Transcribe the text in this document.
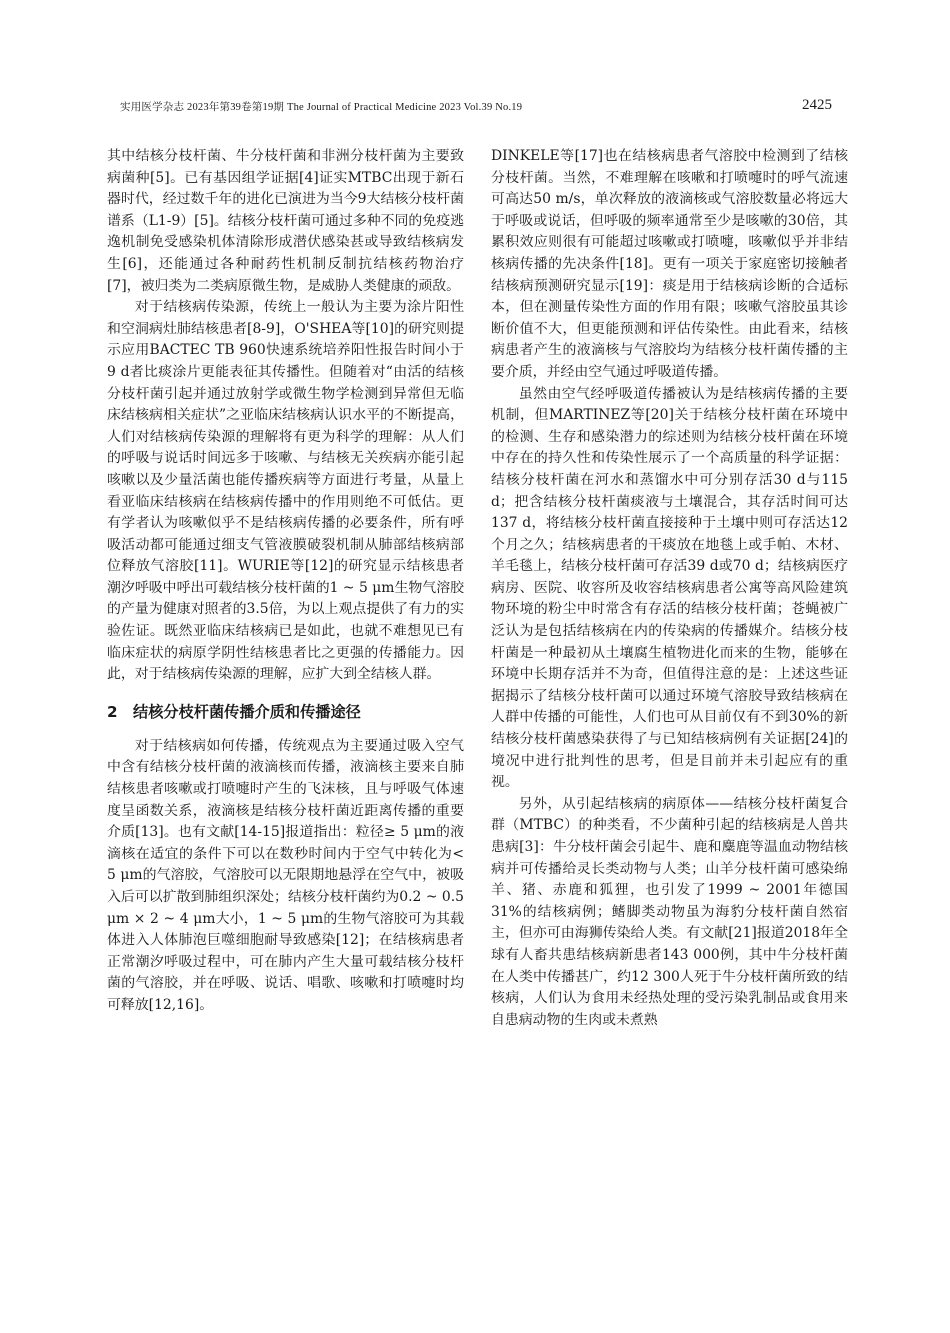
实用医学杂志 2023年第39卷第19期 The Journal of Practical Medicine 2023 Vol.39 No.19	2425

其中结核分枝杆菌、牛分枝杆菌和非洲分枝杆菌为主要致病菌种[5]。已有基因组学证据[4]证实MTBC出现于新石器时代，经过数千年的进化已演进为当今9大结核分枝杆菌谱系（L1-9）[5]。结核分枝杆菌可通过多种不同的免疫逃逸机制免受感染机体清除形成潜伏感染甚或导致结核病发生[6]，还能通过各种耐药性机制反制抗结核药物治疗[7]，被归类为二类病原微生物，是威胁人类健康的顽敌。

对于结核病传染源，传统上一般认为主要为涂片阳性和空洞病灶肺结核患者[8-9]，O'SHEA等[10]的研究则提示应用BACTEC TB 960快速系统培养阳性报告时间小于9 d者比痰涂片更能表征其传播性。但随着对“由活的结核分枝杆菌引起并通过放射学或微生物学检测到异常但无临床结核病相关症状”之亚临床结核病认识水平的不断提高，人们对结核病传染源的理解将有更为科学的理解：从人们的呼吸与说话时间远多于咳嗽、与结核无关疾病亦能引起咳嗽以及少量活菌也能传播疾病等方面进行考量，从量上看亚临床结核病在结核病传播中的作用则绝不可低估。更有学者认为咳嗽似乎不是结核病传播的必要条件，所有呼吸活动都可能通过细支气管液膜破裂机制从肺部结核病部位释放气溶胶[11]。WURIE等[12]的研究显示结核患者潮汐呼吸中呼出可载结核分枝杆菌的1 ~ 5 μm生物气溶胶的产量为健康对照者的3.5倍，为以上观点提供了有力的实验佐证。既然亚临床结核病已是如此，也就不难想见已有临床症状的病原学阴性结核患者比之更强的传播能力。因此，对于结核病传染源的理解，应扩大到全结核人群。

2 结核分枝杆菌传播介质和传播途径

对于结核病如何传播，传统观点为主要通过吸入空气中含有结核分枝杆菌的液滴核而传播，液滴核主要来自肺结核患者咳嗽或打喷嚏时产生的飞沫核，且与呼吸气体速度呈函数关系，液滴核是结核分枝杆菌近距离传播的重要介质[13]。也有文献[14-15]报道指出：粒径≥ 5 μm的液滴核在适宜的条件下可以在数秒时间内于空气中转化为< 5 μm的气溶胶，气溶胶可以无限期地悬浮在空气中，被吸入后可以扩散到肺组织深处；结核分枝杆菌约为0.2 ~ 0.5 μm × 2 ~ 4 μm大小，1 ~ 5 μm的生物气溶胶可为其载体进入人体肺泡巨噬细胞耐导致感染[12]；在结核病患者正常潮汐呼吸过程中，可在肺内产生大量可载结核分枝杆菌的气溶胶，并在呼吸、说话、唱歌、咳嗽和打喷嚏时均可释放[12,16]。

DINKELE等[17]也在结核病患者气溶胶中检测到了结核分枝杆菌。当然，不难理解在咳嗽和打喷嚏时的呼气流速可高达50 m/s，单次释放的液滴核或气溶胶数量必将远大于呼吸或说话，但呼吸的频率通常至少是咳嗽的30倍，其累积效应则很有可能超过咳嗽或打喷嚏，咳嗽似乎并非结核病传播的先决条件[18]。更有一项关于家庭密切接触者结核病预测研究显示[19]：痰是用于结核病诊断的合适标本，但在测量传染性方面的作用有限；咳嗽气溶胶虽其诊断价值不大，但更能预测和评估传染性。由此看来，结核病患者产生的液滴核与气溶胶均为结核分枝杆菌传播的主要介质，并经由空气通过呼吸道传播。

虽然由空气经呼吸道传播被认为是结核病传播的主要机制，但MARTINEZ等[20]关于结核分枝杆菌在环境中的检测、生存和感染潜力的综述则为结核分枝杆菌在环境中存在的持久性和传染性展示了一个高质量的科学证据：结核分枝杆菌在河水和蒸馏水中可分别存活30 d与115 d；把含结核分枝杆菌痰液与土壤混合，其存活时间可达137 d，将结核分枝杆菌直接接种于土壤中则可存活达12个月之久；结核病患者的干痰放在地毯上或手帕、木材、羊毛毯上，结核分枝杆菌可存活39 d或70 d；结核病医疗病房、医院、收容所及收容结核病患者公寓等高风险建筑物环境的粉尘中时常含有存活的结核分枝杆菌；苍蝇被广泛认为是包括结核病在内的传染病的传播媒介。结核分枝杆菌是一种最初从土壤腐生植物进化而来的生物，能够在环境中长期存活并不为奇，但值得注意的是：上述这些证据揭示了结核分枝杆菌可以通过环境气溶胶导致结核病在人群中传播的可能性，人们也可从目前仅有不到30%的新结核分枝杆菌感染获得了与已知结核病例有关证据[24]的境况中进行批判性的思考，但是目前并未引起应有的重视。

另外，从引起结核病的病原体——结核分枝杆菌复合群（MTBC）的种类看，不少菌种引起的结核病是人兽共患病[3]：牛分枝杆菌会引起牛、鹿和麋鹿等温血动物结核病并可传播给灵长类动物与人类；山羊分枝杆菌可感染绵羊、猪、赤鹿和狐狸，也引发了1999 ~ 2001年德国31%的结核病例；鳍脚类动物虽为海豹分枝杆菌自然宿主，但亦可由海狮传染给人类。有文献[21]报道2018年全球有人畜共患结核病新患者143 000例，其中牛分枝杆菌在人类中传播甚广，约12 300人死于牛分枝杆菌所致的结核病，人们认为食用未经热处理的受污染乳制品或食用来自患病动物的生肉或未煮熟
